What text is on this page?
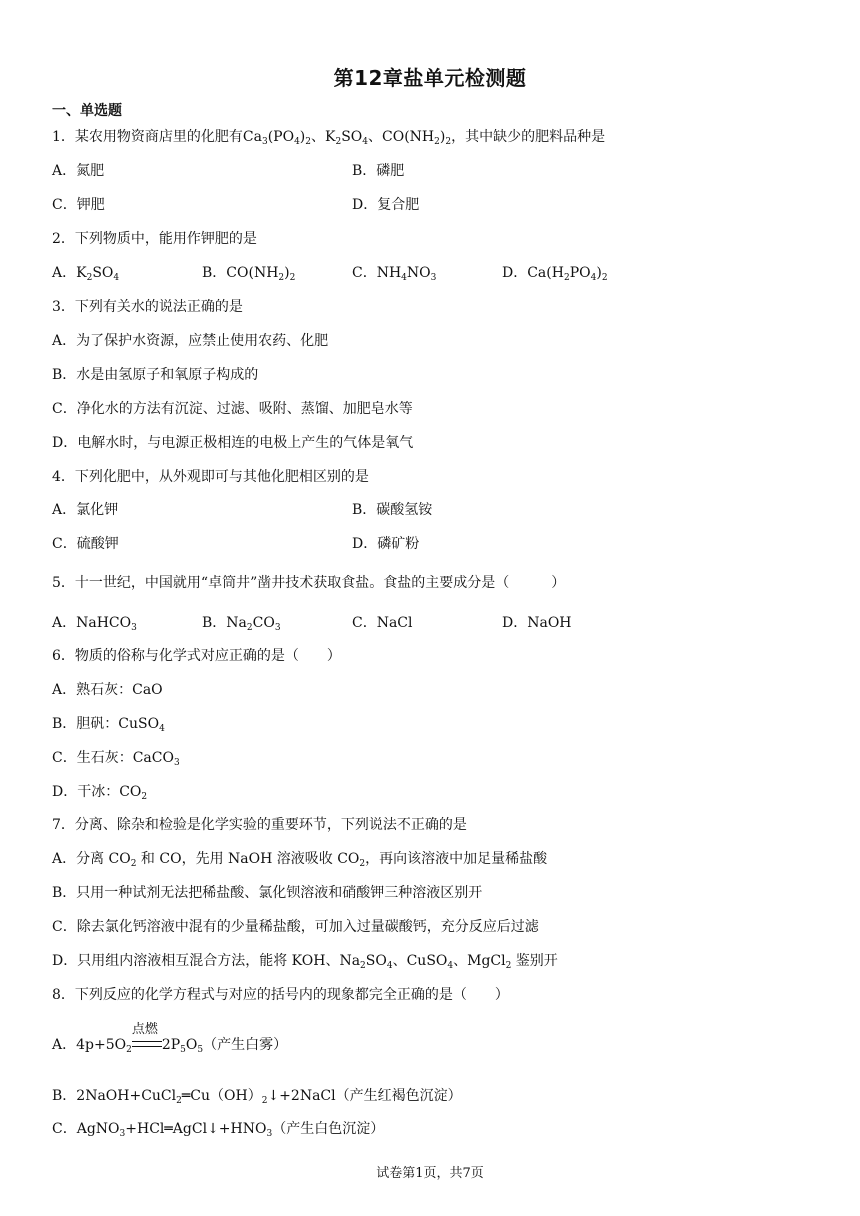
第12章盐单元检测题
一、单选题
1．某农用物资商店里的化肥有$Ca_3(PO_4)_2$、$K_2SO_4$、$CO(NH_2)_2$，其中缺少的肥料品种是
A．氮肥	B．磷肥
C．钾肥	D．复合肥
2．下列物质中，能用作钾肥的是
A．$K_2SO_4$	B．$CO(NH_2)_2$	C．$NH_4NO_3$	D．$Ca(H_2PO_4)_2$
3．下列有关水的说法正确的是
A．为了保护水资源，应禁止使用农药、化肥
B．水是由氢原子和氧原子构成的
C．净化水的方法有沉淀、过滤、吸附、蒸馏、加肥皂水等
D．电解水时，与电源正极相连的电极上产生的气体是氧气
4．下列化肥中，从外观即可与其他化肥相区别的是
A．氯化钾	B．碳酸氢铵
C．硫酸钾	D．磷矿粉
5．十一世纪，中国就用“卓筒井”凿井技术获取食盐。食盐的主要成分是（　　　）
A．NaHCO$_3$	B．$Na_2CO_3$	C．NaCl	D．NaOH
6．物质的俗称与化学式对应正确的是（　　）
A．熟石灰：CaO
B．胆矾：CuSO$_4$
C．生石灰：CaCO$_3$
D．干冰：$CO_2$
7．分离、除杂和检验是化学实验的重要环节，下列说法不正确的是
A．分离 $CO_2$ 和 CO，先用 NaOH 溶液吸收 $CO_2$，再向该溶液中加足量稀盐酸
B．只用一种试剂无法把稀盐酸、氯化钡溶液和硝酸钾三种溶液区别开
C．除去氯化钙溶液中混有的少量稀盐酸，可加入过量碳酸钙，充分反应后过滤
D．只用组内溶液相互混合方法，能将 KOH、$Na_2SO_4$、CuSO$_4$、MgCl$_2$ 鉴别开
8．下列反应的化学方程式与对应的括号内的现象都完全正确的是（　　）
A．$4p+5O_2$
点燃
$2P_5O_5$（产生白雾）
B．$2NaOH+CuCl_2═Cu(OH)_2↓+2NaCl$（产生红褐色沉淀）
C．$AgNO_3+HCl═AgCl↓+HNO_3$（产生白色沉淀）
试卷第1页，共7页
